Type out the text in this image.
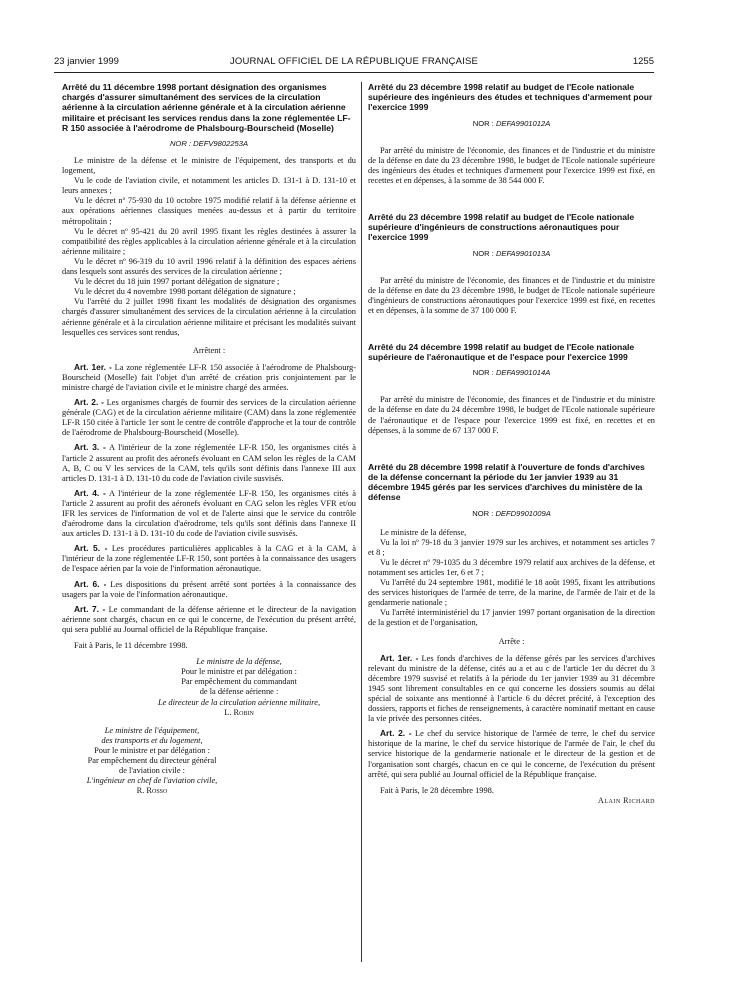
23 janvier 1999	JOURNAL OFFICIEL DE LA RÉPUBLIQUE FRANÇAISE	1255

Arrêté du 11 décembre 1998 portant désignation des organismes chargés d'assurer simultanément des services de la circulation aérienne à la circulation aérienne générale et à la circulation aérienne militaire et précisant les services rendus dans la zone réglementée LF-R 150 associée à l'aérodrome de Phalsbourg-Bourscheid (Moselle)

NOR : DEFV9802253A

Le ministre de la défense et le ministre de l'équipement, des transports et du logement,

Vu le code de l'aviation civile, et notamment les articles D. 131-1 à D. 131-10 et leurs annexes ;

Vu le décret nº 75-930 du 10 octobre 1975 modifié relatif à la défense aérienne et aux opérations aériennes classiques menées au-dessus et à partir du territoire métropolitain ;

Vu le décret nº 95-421 du 20 avril 1995 fixant les règles destinées à assurer la compatibilité des règles applicables à la circulation aérienne générale et à la circulation aérienne militaire ;

Vu le décret nº 96-319 du 10 avril 1996 relatif à la définition des espaces aériens dans lesquels sont assurés des services de la circulation aérienne ;

Vu le décret du 18 juin 1997 portant délégation de signature ;

Vu le décret du 4 novembre 1998 portant délégation de signature ;

Vu l'arrêté du 2 juillet 1998 fixant les modalités de désignation des organismes chargés d'assurer simultanément des services de la circulation aérienne à la circulation aérienne générale et à la circulation aérienne militaire et précisant les modalités suivant lesquelles ces services sont rendus,

Arrêtent :

Art. 1er. - La zone réglementée LF-R 150 associée à l'aérodrome de Phalsbourg-Bourscheid (Moselle) fait l'objet d'un arrêté de création pris conjointement par le ministre chargé de l'aviation civile et le ministre chargé des armées.

Art. 2. - Les organismes chargés de fournir des services de la circulation aérienne générale (CAG) et de la circulation aérienne militaire (CAM) dans la zone réglementée LF-R 150 citée à l'article 1er sont le centre de contrôle d'approche et la tour de contrôle de l'aérodrome de Phalsbourg-Bourscheid (Moselle).

Art. 3. - A l'intérieur de la zone réglementée LF-R 150, les organismes cités à l'article 2 assurent au profit des aéronefs évoluant en CAM selon les règles de la CAM A, B, C ou V les services de la CAM, tels qu'ils sont définis dans l'annexe III aux articles D. 131-1 à D. 131-10 du code de l'aviation civile susvisés.

Art. 4. - A l'intérieur de la zone réglementée LF-R 150, les organismes cités à l'article 2 assurent au profit des aéronefs évoluant en CAG selon les règles VFR et/ou IFR les services de l'information de vol et de l'alerte ainsi que le service du contrôle d'aérodrome dans la circulation d'aérodrome, tels qu'ils sont définis dans l'annexe II aux articles D. 131-1 à D. 131-10 du code de l'aviation civile susvisés.

Art. 5. - Les procédures particulières applicables à la CAG et à la CAM, à l'intérieur de la zone réglementée LF-R 150, sont portées à la connaissance des usagers de l'espace aérien par la voie de l'information aéronautique.

Art. 6. - Les dispositions du présent arrêté sont portées à la connaissance des usagers par la voie de l'information aéronautique.

Art. 7. - Le commandant de la défense aérienne et le directeur de la navigation aérienne sont chargés, chacun en ce qui le concerne, de l'exécution du présent arrêté, qui sera publié au Journal officiel de la République française.

Fait à Paris, le 11 décembre 1998.

Le ministre de la défense,

Pour le ministre et par délégation :

Par empêchement du commandant

de la défense aérienne :

Le directeur de la circulation aérienne militaire,

L. Robin

Le ministre de l'équipement,

des transports et du logement,

Pour le ministre et par délégation :

Par empêchement du directeur général

de l'aviation civile :

L'ingénieur en chef de l'aviation civile,

R. Rosso

Arrêté du 23 décembre 1998 relatif au budget de l'Ecole nationale supérieure des ingénieurs des études et techniques d'armement pour l'exercice 1999

NOR : DEFA9901012A

Par arrêté du ministre de l'économie, des finances et de l'industrie et du ministre de la défense en date du 23 décembre 1998, le budget de l'Ecole nationale supérieure des ingénieurs des études et techniques d'armement pour l'exercice 1999 est fixé, en recettes et en dépenses, à la somme de 38 544 000 F.

Arrêté du 23 décembre 1998 relatif au budget de l'Ecole nationale supérieure d'ingénieurs de constructions aéronautiques pour l'exercice 1999

NOR : DEFA9901013A

Par arrêté du ministre de l'économie, des finances et de l'industrie et du ministre de la défense en date du 23 décembre 1998, le budget de l'Ecole nationale supérieure d'ingénieurs de constructions aéronautiques pour l'exercice 1999 est fixé, en recettes et en dépenses, à la somme de 37 100 000 F.

Arrêté du 24 décembre 1998 relatif au budget de l'Ecole nationale supérieure de l'aéronautique et de l'espace pour l'exercice 1999

NOR : DEFA9901014A

Par arrêté du ministre de l'économie, des finances et de l'industrie et du ministre de la défense en date du 24 décembre 1998, le budget de l'Ecole nationale supérieure de l'aéronautique et de l'espace pour l'exercice 1999 est fixé, en recettes et en dépenses, à la somme de 67 137 000 F.

Arrêté du 28 décembre 1998 relatif à l'ouverture de fonds d'archives de la défense concernant la période du 1er janvier 1939 au 31 décembre 1945 gérés par les services d'archives du ministère de la défense

NOR : DEFD9901009A

Le ministre de la défense,

Vu la loi nº 79-18 du 3 janvier 1979 sur les archives, et notamment ses articles 7 et 8 ;

Vu le décret nº 79-1035 du 3 décembre 1979 relatif aux archives de la défense, et notamment ses articles 1er, 6 et 7 ;

Vu l'arrêté du 24 septembre 1981, modifié le 18 août 1995, fixant les attributions des services historiques de l'armée de terre, de la marine, de l'armée de l'air et de la gendarmerie nationale ;

Vu l'arrêté interministériel du 17 janvier 1997 portant organisation de la direction de la gestion et de l'organisation,

Arrête :

Art. 1er. - Les fonds d'archives de la défense gérés par les services d'archives relevant du ministre de la défense, cités au a et au c de l'article 1er du décret du 3 décembre 1979 susvisé et relatifs à la période du 1er janvier 1939 au 31 décembre 1945 sont librement consultables en ce qui concerne les dossiers soumis au délai spécial de soixante ans mentionné à l'article 6 du décret précité, à l'exception des dossiers, rapports et fiches de renseignements, à caractère nominatif mettant en cause la vie privée des personnes citées.

Art. 2. - Le chef du service historique de l'armée de terre, le chef du service historique de la marine, le chef du service historique de l'armée de l'air, le chef du service historique de la gendarmerie nationale et le directeur de la gestion et de l'organisation sont chargés, chacun en ce qui le concerne, de l'exécution du présent arrêté, qui sera publié au Journal officiel de la République française.

Fait à Paris, le 28 décembre 1998.

Alain Richard
